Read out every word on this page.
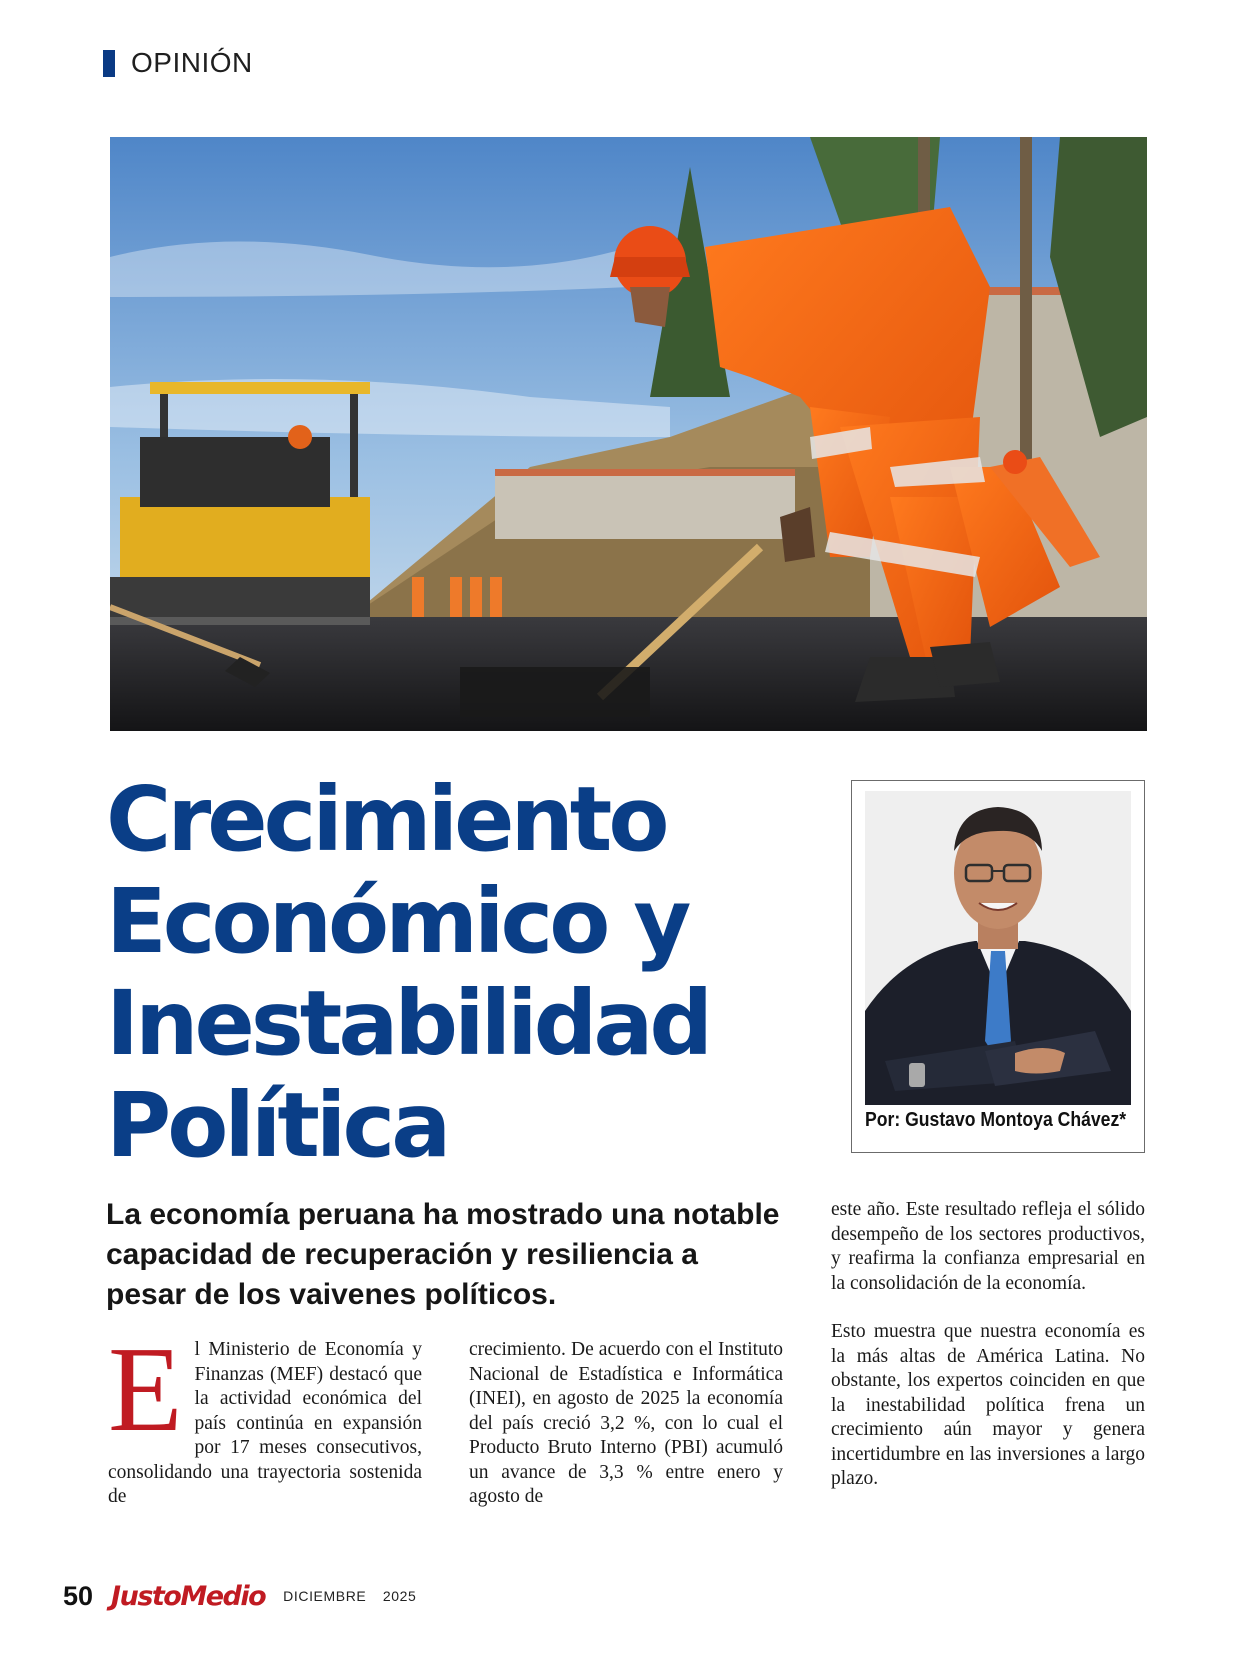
OPINIÓN
Crecimiento
Económico y
Inestabilidad
Política	Por: Gustavo Montoya Chávez*

La economía peruana ha mostrado una notable capacidad de recuperación y resiliencia a pesar de los vaivenes políticos.

E l Ministerio de Economía y Finanzas (MEF) destacó que la actividad económica del país continúa en expansión por 17 meses consecutivos, consolidando una trayectoria sostenida de

crecimiento. De acuerdo con el Instituto Nacional de Estadística e Informática (INEI), en agosto de 2025 la economía del país creció 3,2 %, con lo cual el Producto Bruto Interno (PBI) acumuló un avance de 3,3 % entre enero y agosto de

este año. Este resultado refleja el sólido desempeño de los sectores productivos, y reafirma la confianza empresarial en la consolidación de la economía.

Esto muestra que nuestra economía es la más altas de América Latina. No obstante, los expertos coinciden en que la inestabilidad política frena un crecimiento aún mayor y genera incertidumbre en las inversiones a largo plazo.

50 Justo Medio DICIEMBRE 2025
